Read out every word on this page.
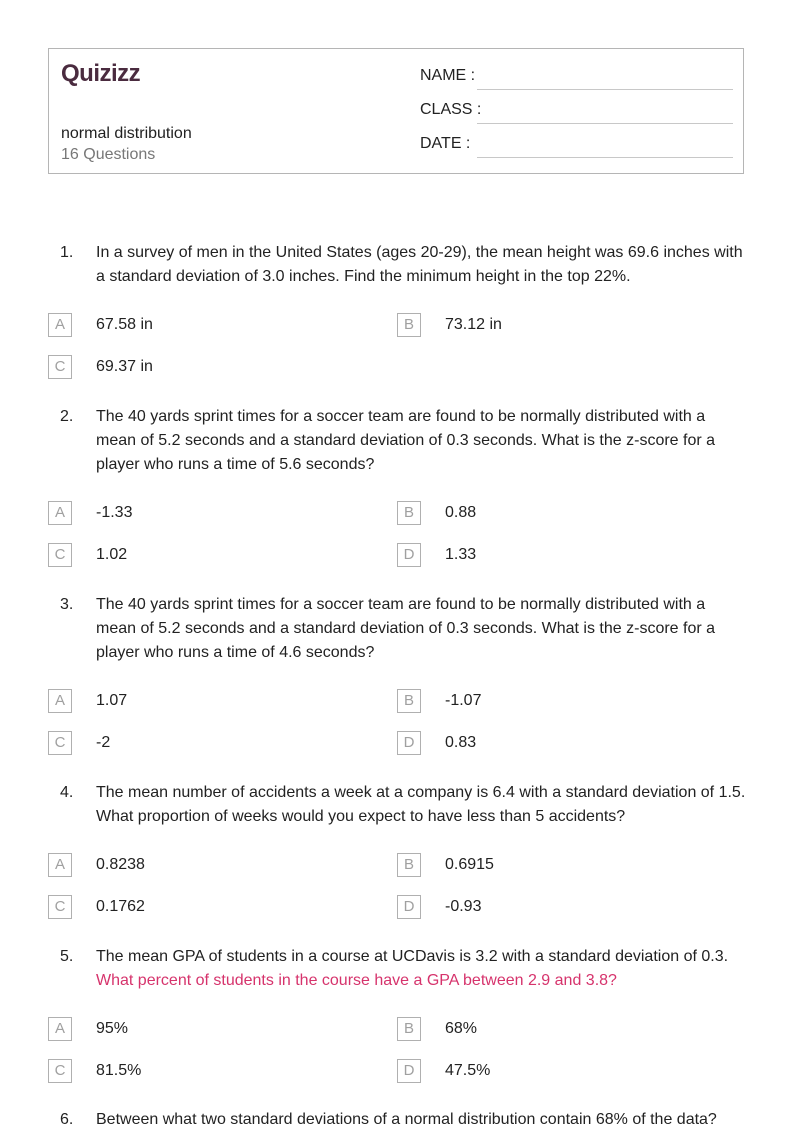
Quizizz
normal distribution
16 Questions
NAME :
CLASS :
DATE :
1. In a survey of men in the United States (ages 20-29), the mean height was 69.6 inches with a standard deviation of 3.0 inches. Find the minimum height in the top 22%.
A	67.58 in	B	73.12 in
C	69.37 in
2. The 40 yards sprint times for a soccer team are found to be normally distributed with a mean of 5.2 seconds and a standard deviation of 0.3 seconds. What is the z-score for a player who runs a time of 5.6 seconds?
A	-1.33	B	0.88
C	1.02	D	1.33
3. The 40 yards sprint times for a soccer team are found to be normally distributed with a mean of 5.2 seconds and a standard deviation of 0.3 seconds. What is the z-score for a player who runs a time of 4.6 seconds?
A	1.07	B	-1.07
C	-2	D	0.83
4. The mean number of accidents a week at a company is 6.4 with a standard deviation of 1.5. What proportion of weeks would you expect to have less than 5 accidents?
A	0.8238	B	0.6915
C	0.1762	D	-0.93
5. The mean GPA of students in a course at UCDavis is 3.2 with a standard deviation of 0.3. What percent of students in the course have a GPA between 2.9 and 3.8?
A	95%	B	68%
C	81.5%	D	47.5%
6. Between what two standard deviations of a normal distribution contain 68% of the data?
